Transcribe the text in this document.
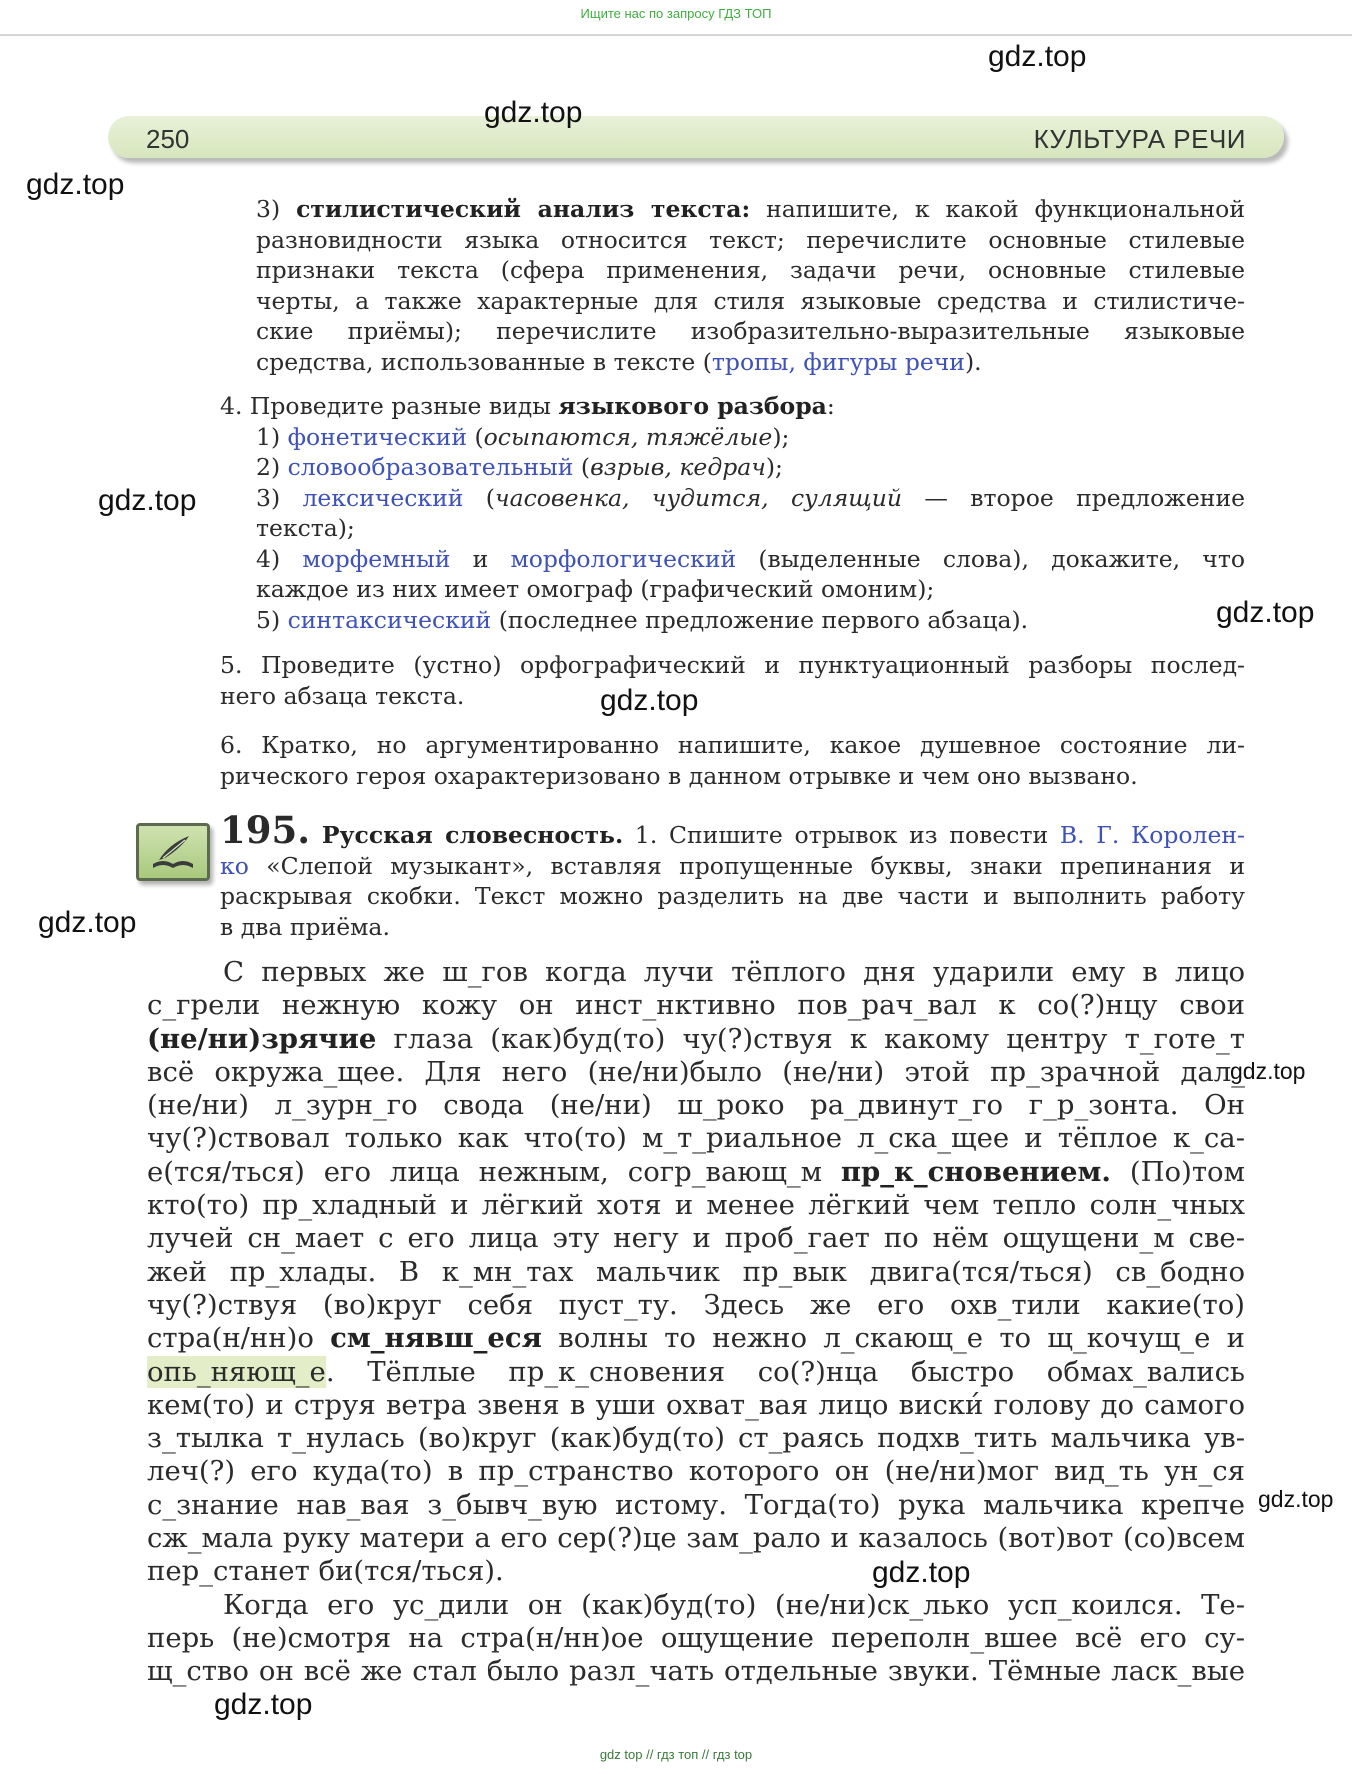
Ищите нас по запросу ГДЗ ТОП
gdz.top
gdz.top
gdz.top
gdz.top
gdz.top
gdz.top
gdz.top
gdz.top
gdz.top
gdz.top
gdz.top
250	КУЛЬТУРА РЕЧИ
3) стилистический анализ текста: напишите, к какой функциональной
разновидности языка относится текст; перечислите основные стилевые
признаки текста (сфера применения, задачи речи, основные стилевые
черты, а также характерные для стиля языковые средства и стилистиче-
ские приёмы); перечислите изобразительно-выразительные языковые
средства, использованные в тексте (тропы, фигуры речи).
4. Проведите разные виды языкового разбора:
1) фонетический (осыпаются, тяжёлые);
2) словообразовательный (взрыв, кедрач);
3) лексический (часовенка, чудится, сулящий — второе предложение
текста);
4) морфемный и морфологический (выделенные слова), докажите, что
каждое из них имеет омограф (графический омоним);
5) синтаксический (последнее предложение первого абзаца).
5. Проведите (устно) орфографический и пунктуационный разборы послед-
него абзаца текста.
6. Кратко, но аргументированно напишите, какое душевное состояние ли-
рического героя охарактеризовано в данном отрывке и чем оно вызвано.
195. Русская словесность. 1. Спишите отрывок из повести В. Г. Королен-
ко «Слепой музыкант», вставляя пропущенные буквы, знаки препинания и
раскрывая скобки. Текст можно разделить на две части и выполнить работу
в два приёма.
С первых же ш_гов когда лучи тёплого дня ударили ему в лицо
с_грели нежную кожу он инст_нктивно пов_рач_вал к со(?)нцу свои
(не/ни)зрячие глаза (как)буд(то) чу(?)ствуя к какому центру т_готе_т
всё окружа_щее. Для него (не/ни)было (не/ни) этой пр_зрачной дал_
(не/ни) л_зурн_го свода (не/ни) ш_роко ра_двинут_го г_р_зонта. Он
чу(?)ствовал только как что(то) м_т_риальное л_ска_щее и тёплое к_са-
е(тся/ться) его лица нежным, согр_вающ_м пр_к_сновением. (По)том
кто(то) пр_хладный и лёгкий хотя и менее лёгкий чем тепло солн_чных
лучей сн_мает с его лица эту негу и проб_гает по нём ощущени_м све-
жей пр_хлады. В к_мн_тах мальчик пр_вык двига(тся/ться) св_бодно
чу(?)ствуя (во)круг себя пуст_ту. Здесь же его охв_тили какие(то)
стра(н/нн)о см_нявш_еся волны то нежно л_скающ_е то щ_кочущ_е и
опь_няющ_е. Тёплые пр_к_сновения со(?)нца быстро обмах_вались
кем(то) и струя ветра звеня в уши охват_вая лицо виски́ голову до самого
з_тылка т_нулась (во)круг (как)буд(то) ст_раясь подхв_тить мальчика ув-
леч(?) его куда(то) в пр_странство которого он (не/ни)мог вид_ть ун_ся
с_знание нав_вая з_бывч_вую истому. Тогда(то) рука мальчика крепче
сж_мала руку матери а его сер(?)це зам_рало и казалось (вот)вот (со)всем
пер_станет би(тся/ться).
Когда его ус_дили он (как)буд(то) (не/ни)ск_лько усп_коился. Те-
перь (не)смотря на стра(н/нн)ое ощущение переполн_вшее всё его су-
щ_ство он всё же стал было разл_чать отдельные звуки. Тёмные ласк_вые
gdz top // гдз топ // гдз top
